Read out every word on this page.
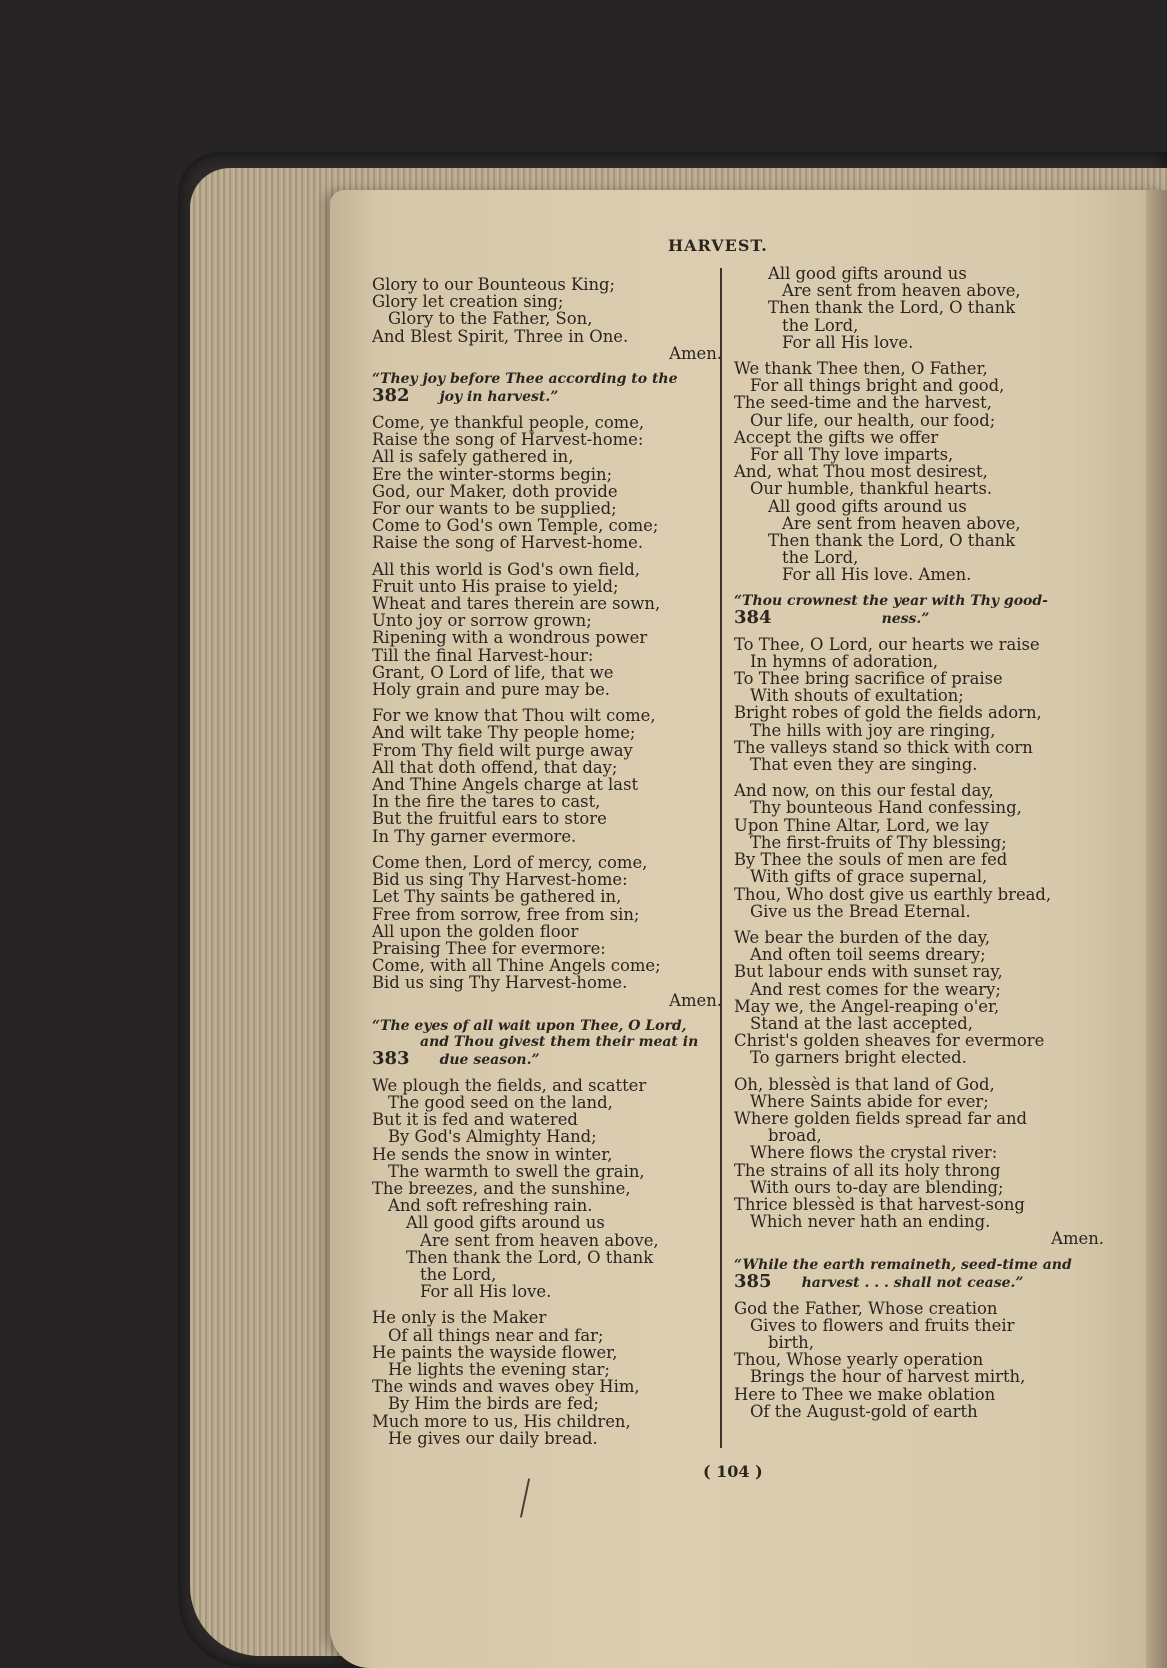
HARVEST.
Glory to our Bounteous King;
Glory let creation sing;
Glory to the Father, Son,
And Blest Spirit, Three in One.
Amen.
“They joy before Thee according to the
382	joy in harvest.”
Come, ye thankful people, come,
Raise the song of Harvest-home:
All is safely gathered in,
Ere the winter-storms begin;
God, our Maker, doth provide
For our wants to be supplied;
Come to God's own Temple, come;
Raise the song of Harvest-home.
All this world is God's own field,
Fruit unto His praise to yield;
Wheat and tares therein are sown,
Unto joy or sorrow grown;
Ripening with a wondrous power
Till the final Harvest-hour:
Grant, O Lord of life, that we
Holy grain and pure may be.
For we know that Thou wilt come,
And wilt take Thy people home;
From Thy field wilt purge away
All that doth offend, that day;
And Thine Angels charge at last
In the fire the tares to cast,
But the fruitful ears to store
In Thy garner evermore.
Come then, Lord of mercy, come,
Bid us sing Thy Harvest-home:
Let Thy saints be gathered in,
Free from sorrow, free from sin;
All upon the golden floor
Praising Thee for evermore:
Come, with all Thine Angels come;
Bid us sing Thy Harvest-home.
Amen.
“The eyes of all wait upon Thee, O Lord,
and Thou givest them their meat in
383	due season.”
We plough the fields, and scatter
The good seed on the land,
But it is fed and watered
By God's Almighty Hand;
He sends the snow in winter,
The warmth to swell the grain,
The breezes, and the sunshine,
And soft refreshing rain.
All good gifts around us
Are sent from heaven above,
Then thank the Lord, O thank
the Lord,
For all His love.
He only is the Maker
Of all things near and far;
He paints the wayside flower,
He lights the evening star;
The winds and waves obey Him,
By Him the birds are fed;
Much more to us, His children,
He gives our daily bread.
All good gifts around us
Are sent from heaven above,
Then thank the Lord, O thank
the Lord,
For all His love.
We thank Thee then, O Father,
For all things bright and good,
The seed-time and the harvest,
Our life, our health, our food;
Accept the gifts we offer
For all Thy love imparts,
And, what Thou most desirest,
Our humble, thankful hearts.
All good gifts around us
Are sent from heaven above,
Then thank the Lord, O thank
the Lord,
For all His love. Amen.
“Thou crownest the year with Thy good-
384	ness.”
To Thee, O Lord, our hearts we raise
In hymns of adoration,
To Thee bring sacrifice of praise
With shouts of exultation;
Bright robes of gold the fields adorn,
The hills with joy are ringing,
The valleys stand so thick with corn
That even they are singing.
And now, on this our festal day,
Thy bounteous Hand confessing,
Upon Thine Altar, Lord, we lay
The first-fruits of Thy blessing;
By Thee the souls of men are fed
With gifts of grace supernal,
Thou, Who dost give us earthly bread,
Give us the Bread Eternal.
We bear the burden of the day,
And often toil seems dreary;
But labour ends with sunset ray,
And rest comes for the weary;
May we, the Angel-reaping o'er,
Stand at the last accepted,
Christ's golden sheaves for evermore
To garners bright elected.
Oh, blessèd is that land of God,
Where Saints abide for ever;
Where golden fields spread far and
broad,
Where flows the crystal river:
The strains of all its holy throng
With ours to-day are blending;
Thrice blessèd is that harvest-song
Which never hath an ending.
Amen.
“While the earth remaineth, seed-time and
385	harvest . . . shall not cease.”
God the Father, Whose creation
Gives to flowers and fruits their
birth,
Thou, Whose yearly operation
Brings the hour of harvest mirth,
Here to Thee we make oblation
Of the August-gold of earth
( 104 )
